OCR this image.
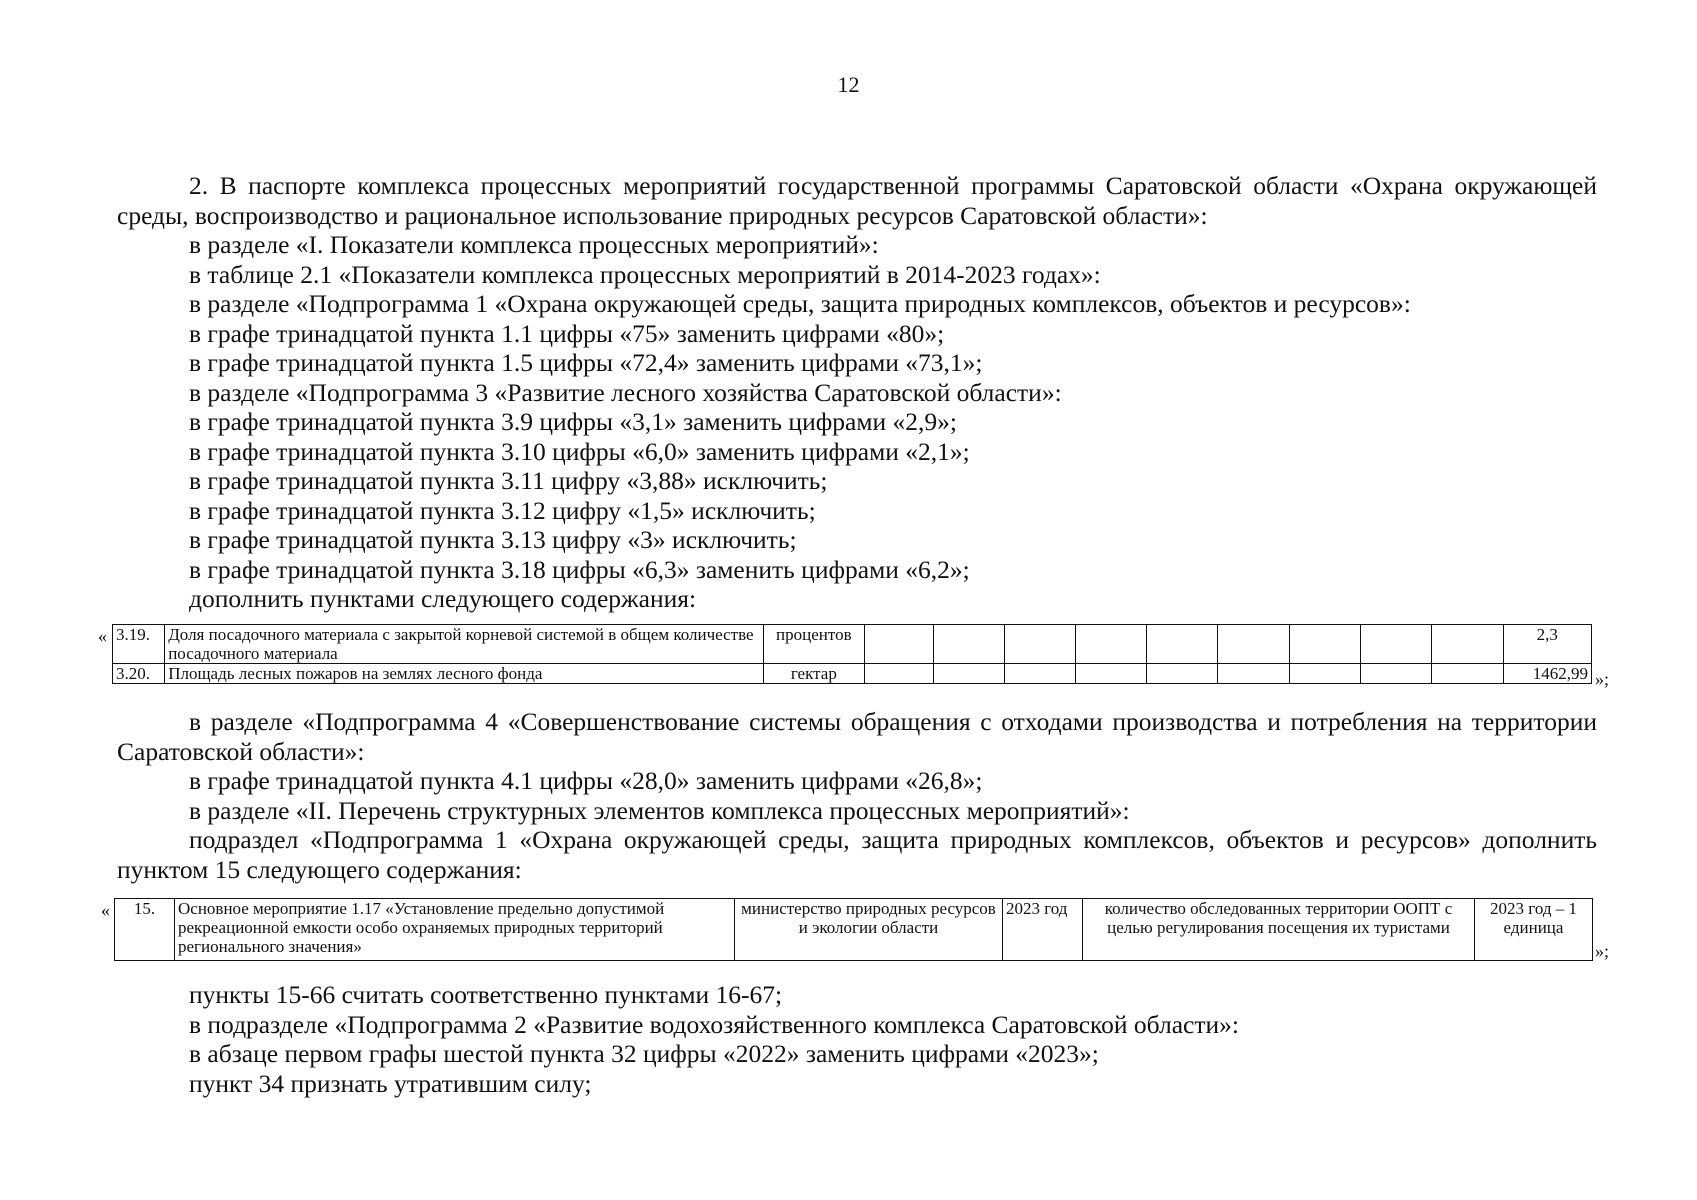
12

2. В паспорте комплекса процессных мероприятий государственной программы Саратовской области «Охрана окружающей среды, воспроизводство и рациональное использование природных ресурсов Саратовской области»:

в разделе «I. Показатели комплекса процессных мероприятий»:

в таблице 2.1 «Показатели комплекса процессных мероприятий в 2014-2023 годах»:

в разделе «Подпрограмма 1 «Охрана окружающей среды, защита природных комплексов, объектов и ресурсов»:

в графе тринадцатой пункта 1.1 цифры «75» заменить цифрами «80»;

в графе тринадцатой пункта 1.5 цифры «72,4» заменить цифрами «73,1»;

в разделе «Подпрограмма 3 «Развитие лесного хозяйства Саратовской области»:

в графе тринадцатой пункта 3.9 цифры «3,1» заменить цифрами «2,9»;

в графе тринадцатой пункта 3.10 цифры «6,0» заменить цифрами «2,1»;

в графе тринадцатой пункта 3.11 цифру «3,88» исключить;

в графе тринадцатой пункта 3.12 цифру «1,5» исключить;

в графе тринадцатой пункта 3.13 цифру «3» исключить;

в графе тринадцатой пункта 3.18 цифры «6,3» заменить цифрами «6,2»;

дополнить пунктами следующего содержания:

« 3.19.	Доля посадочного материала с закрытой корневой системой в общем количестве посадочного материала	процентов										2,3
3.20.	Площадь лесных пожаров на землях лесного фонда	гектар										1462,99 »;

в разделе «Подпрограмма 4 «Совершенствование системы обращения с отходами производства и потребления на территории Саратовской области»:

в графе тринадцатой пункта 4.1 цифры «28,0» заменить цифрами «26,8»;

в разделе «II. Перечень структурных элементов комплекса процессных мероприятий»:

подраздел «Подпрограмма 1 «Охрана окружающей среды, защита природных комплексов, объектов и ресурсов» дополнить пунктом 15 следующего содержания:

« 15.	Основное мероприятие 1.17 «Установление предельно допустимой рекреационной емкости особо охраняемых природных территорий регионального значения»	министерство природных ресурсов и экологии области	2023 год	количество обследованных территории ООПТ с целью регулирования посещения их туристами	2023 год – 1 единица
»;

пункты 15-66 считать соответственно пунктами 16-67;

в подразделе «Подпрограмма 2 «Развитие водохозяйственного комплекса Саратовской области»:

в абзаце первом графы шестой пункта 32 цифры «2022» заменить цифрами «2023»;

пункт 34 признать утратившим силу;
